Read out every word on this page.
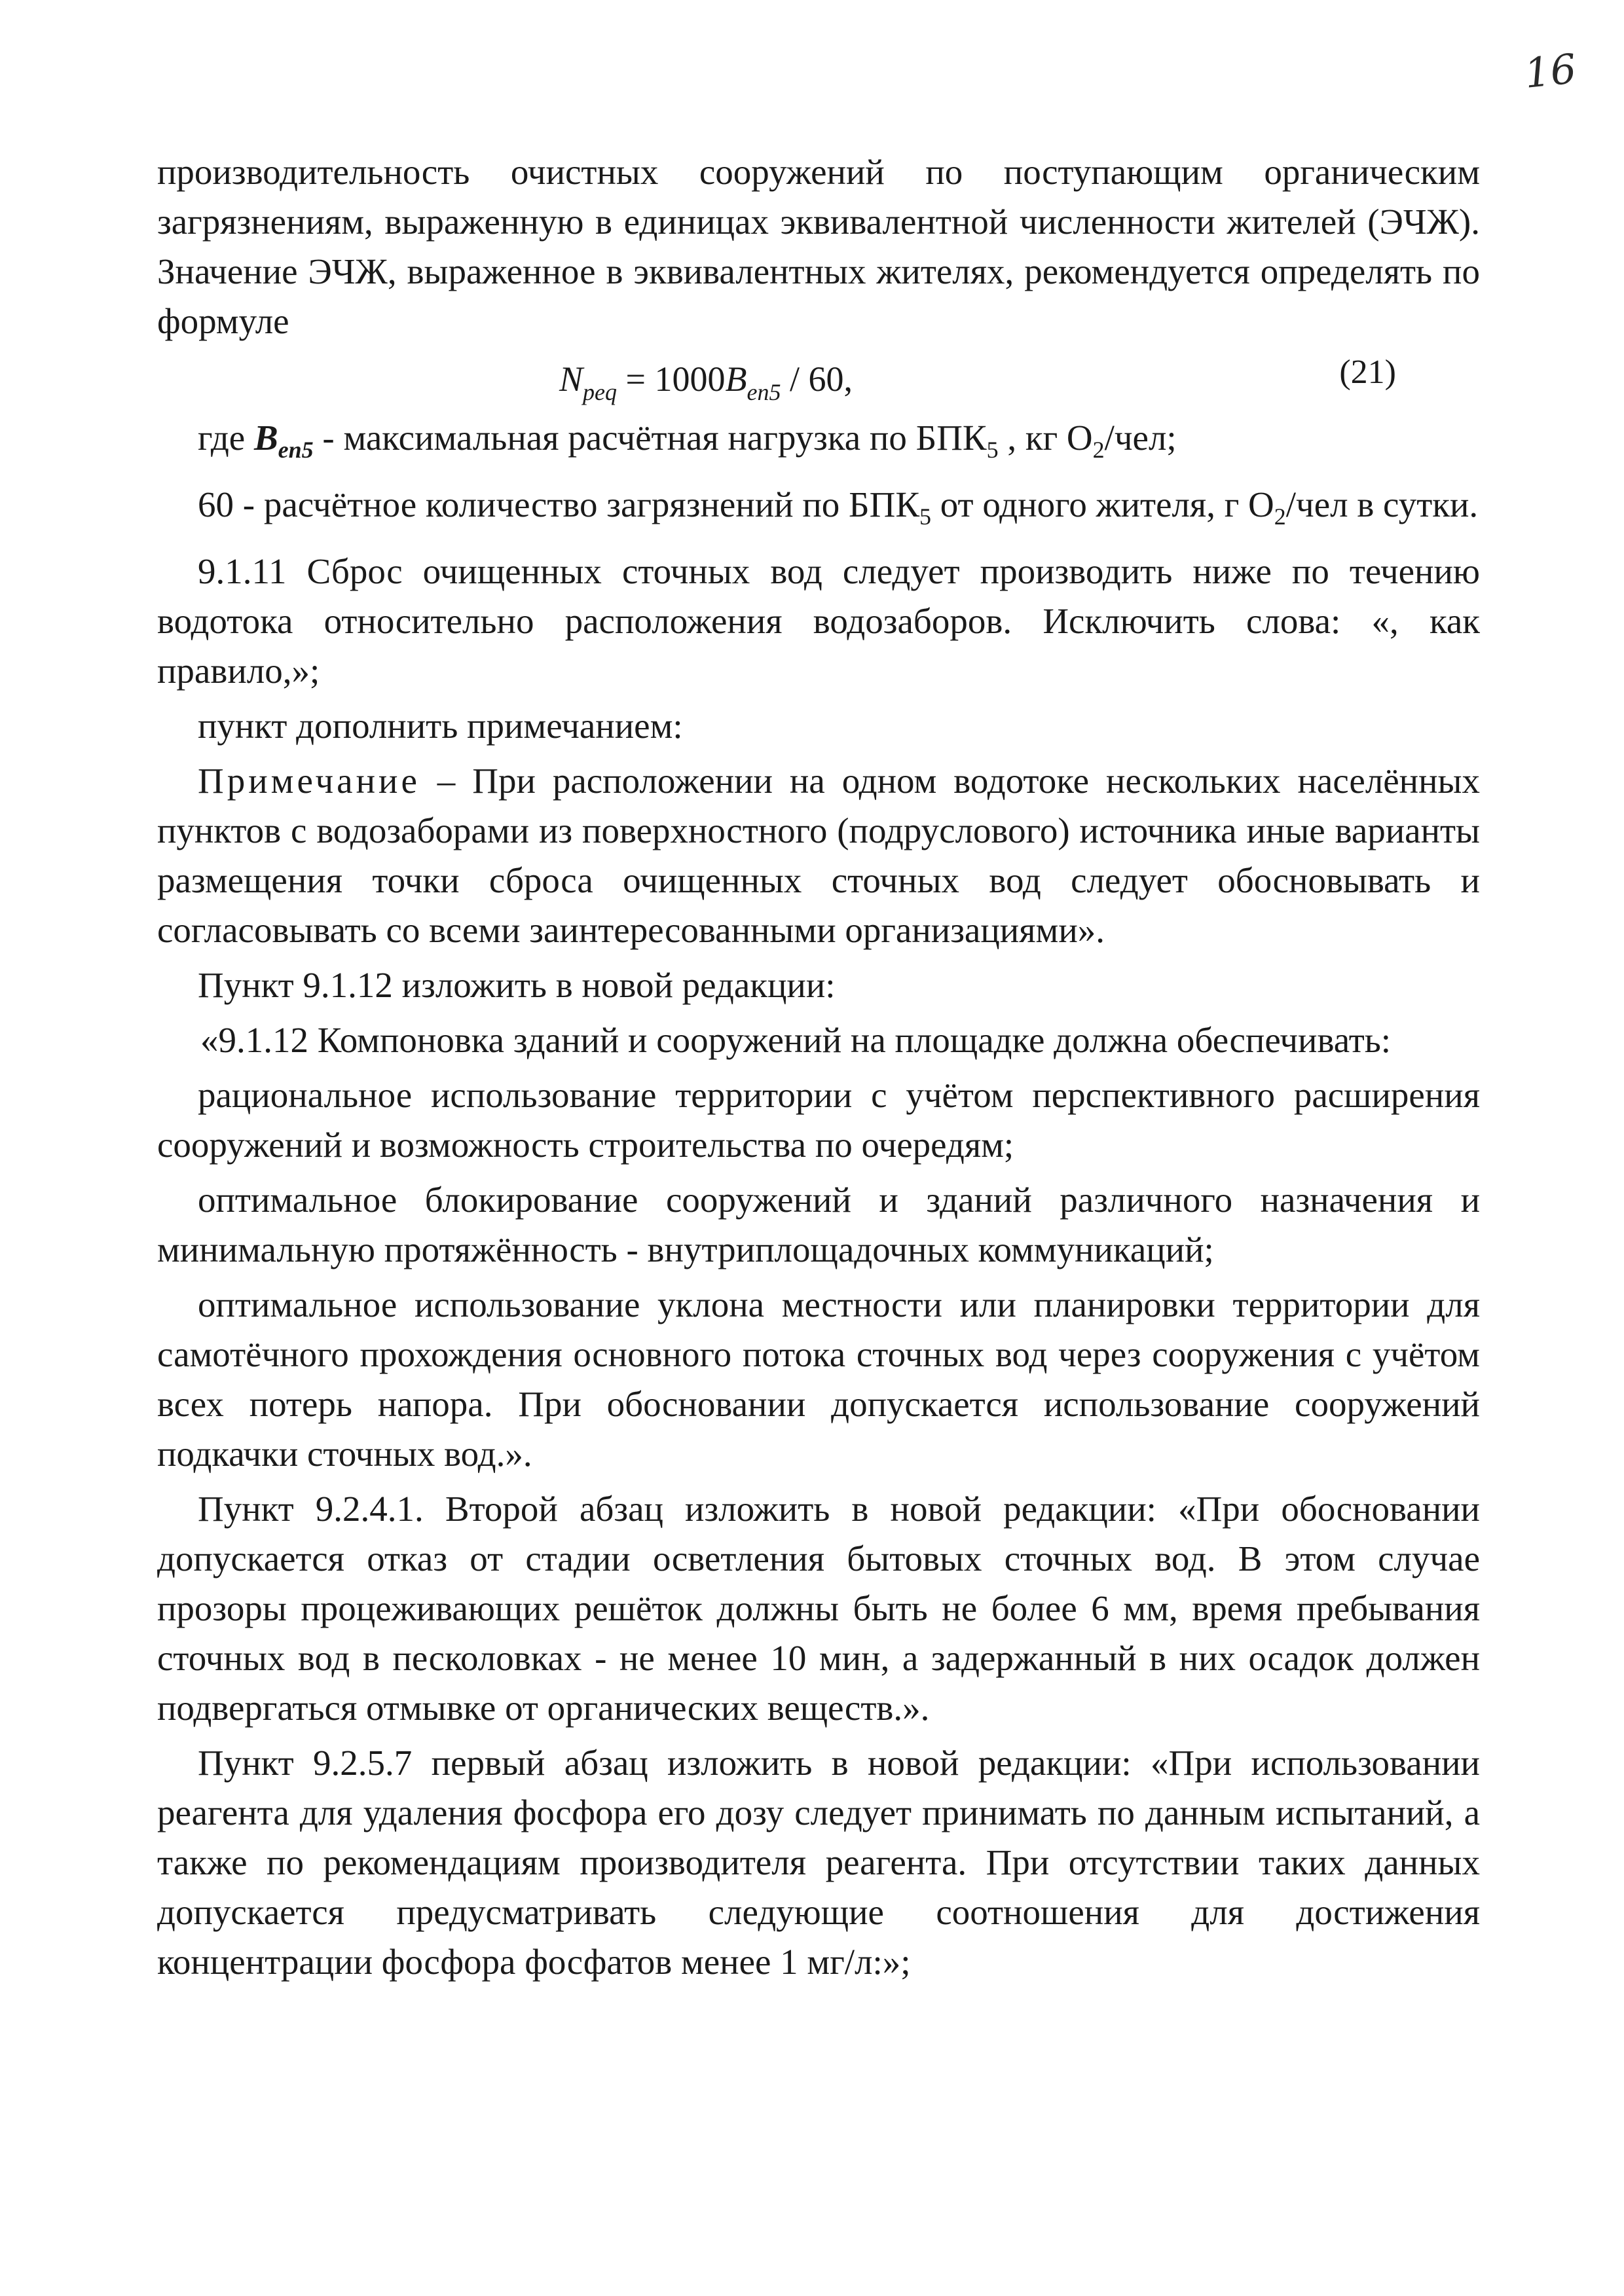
16

производительность очистных сооружений по поступающим органическим загрязнениям, выраженную в единицах эквивалентной численности жителей (ЭЧЖ). Значение ЭЧЖ, выраженное в эквивалентных жителях, рекомендуется определять по формуле

$N_{peq} = 1000B_{en5} / 60$,	(21)

где $B_{en5}$ - максимальная расчётная нагрузка по $БПК_5$ , кг $О_2$/чел;

60 - расчётное количество загрязнений по $БПК_5$ от одного жителя, г $О_2$/чел в сутки.

9.1.11 Сброс очищенных сточных вод следует производить ниже по течению водотока относительно расположения водозаборов. Исключить слова: «, как правило,»;

пункт дополнить примечанием:

Примечание – При расположении на одном водотоке нескольких населённых пунктов с водозаборами из поверхностного (подруслового) источника иные варианты размещения точки сброса очищенных сточных вод следует обосновывать и согласовывать со всеми заинтересованными организациями».

Пункт 9.1.12 изложить в новой редакции:

«9.1.12 Компоновка зданий и сооружений на площадке должна обеспечивать:

рациональное использование территории с учётом перспективного расширения сооружений и возможность строительства по очередям;

оптимальное блокирование сооружений и зданий различного назначения и минимальную протяжённость - внутриплощадочных коммуникаций;

оптимальное использование уклона местности или планировки территории для самотёчного прохождения основного потока сточных вод через сооружения с учётом всех потерь напора. При обосновании допускается использование сооружений подкачки сточных вод.».

Пункт 9.2.4.1. Второй абзац изложить в новой редакции: «При обосновании допускается отказ от стадии осветления бытовых сточных вод. В этом случае прозоры процеживающих решёток должны быть не более 6 мм, время пребывания сточных вод в песколовках - не менее 10 мин, а задержанный в них осадок должен подвергаться отмывке от органических веществ.».

Пункт 9.2.5.7 первый абзац изложить в новой редакции: «При использовании реагента для удаления фосфора его дозу следует принимать по данным испытаний, а также по рекомендациям производителя реагента. При отсутствии таких данных допускается предусматривать следующие соотношения для достижения концентрации фосфора фосфатов менее 1 мг/л:»;
